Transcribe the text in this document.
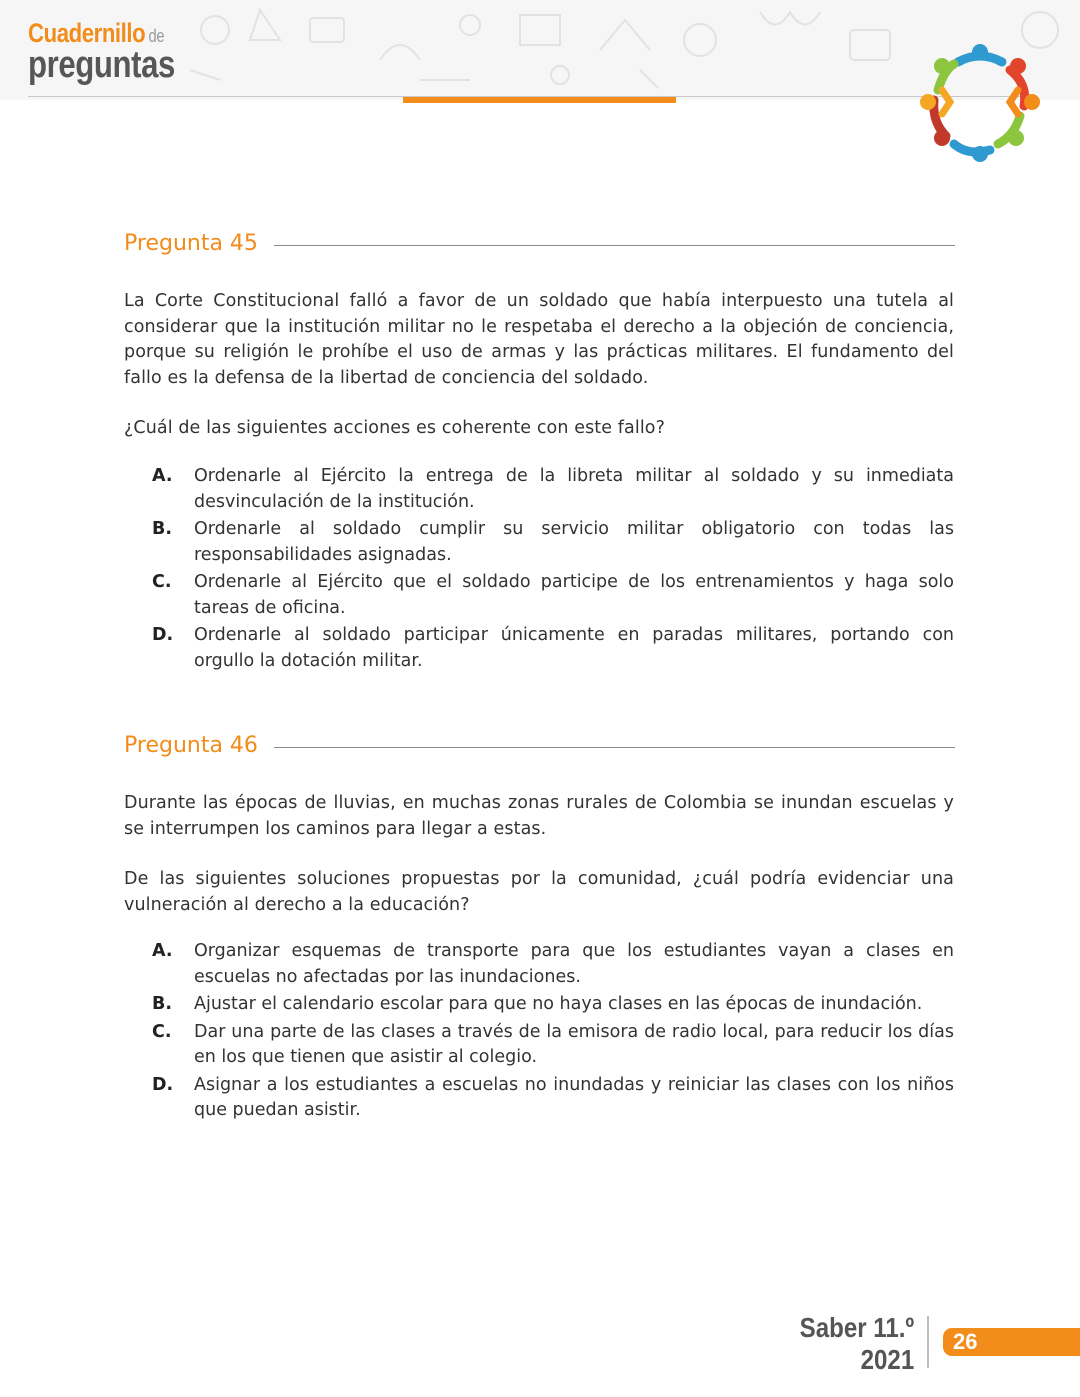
Cuadernillo de
preguntas
Pregunta 45
La Corte Constitucional falló a favor de un soldado que había interpuesto una tutela al considerar que la institución militar no le respetaba el derecho a la objeción de conciencia, porque su religión le prohíbe el uso de armas y las prácticas militares. El fundamento del fallo es la defensa de la libertad de conciencia del soldado.
¿Cuál de las siguientes acciones es coherente con este fallo?
A. Ordenarle al Ejército la entrega de la libreta militar al soldado y su inmediata desvinculación de la institución.
B. Ordenarle al soldado cumplir su servicio militar obligatorio con todas las responsabilidades asignadas.
C. Ordenarle al Ejército que el soldado participe de los entrenamientos y haga solo tareas de oficina.
D. Ordenarle al soldado participar únicamente en paradas militares, portando con orgullo la dotación militar.
Pregunta 46
Durante las épocas de lluvias, en muchas zonas rurales de Colombia se inundan escuelas y se interrumpen los caminos para llegar a estas.
De las siguientes soluciones propuestas por la comunidad, ¿cuál podría evidenciar una vulneración al derecho a la educación?
A. Organizar esquemas de transporte para que los estudiantes vayan a clases en escuelas no afectadas por las inundaciones.
B. Ajustar el calendario escolar para que no haya clases en las épocas de inundación.
C. Dar una parte de las clases a través de la emisora de radio local, para reducir los días en los que tienen que asistir al colegio.
D. Asignar a los estudiantes a escuelas no inundadas y reiniciar las clases con los niños que puedan asistir.
Saber 11.º
2021
26
